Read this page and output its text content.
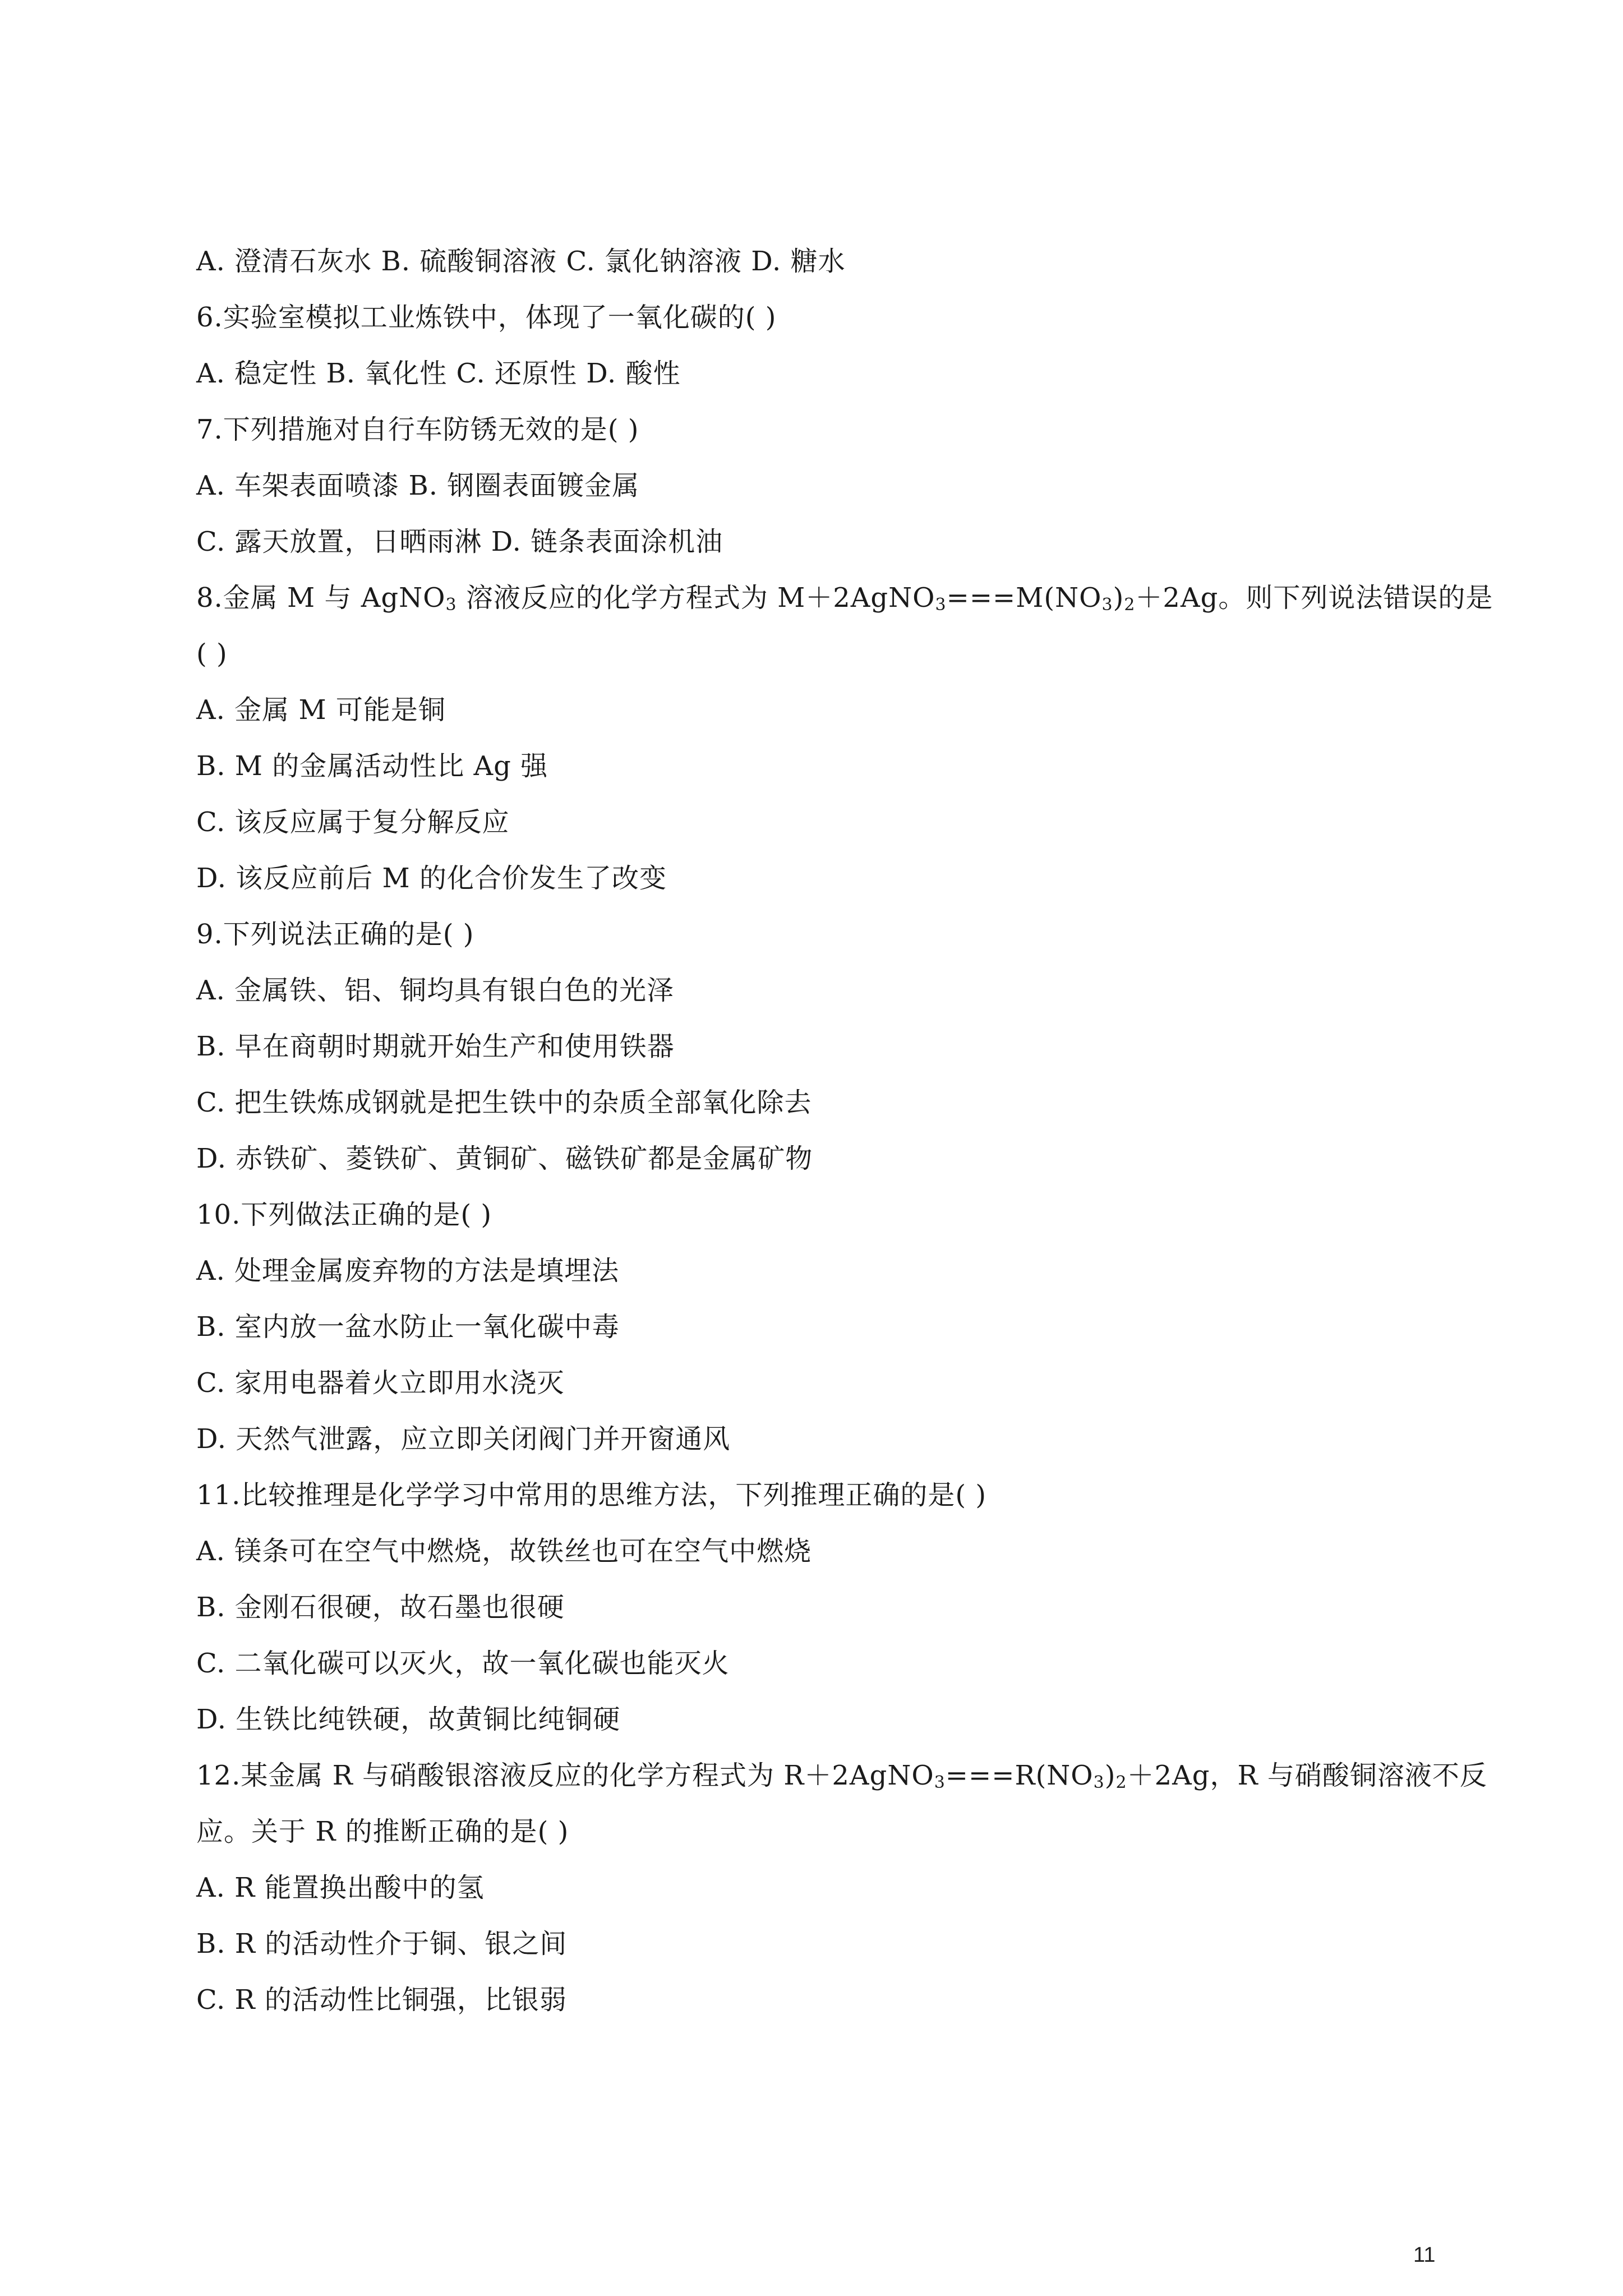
A. 澄清石灰水 B. 硫酸铜溶液 C. 氯化钠溶液 D. 糖水
6.实验室模拟工业炼铁中，体现了一氧化碳的( )
A. 稳定性 B. 氧化性 C. 还原性 D. 酸性
7.下列措施对自行车防锈无效的是( )
A. 车架表面喷漆 B. 钢圈表面镀金属
C. 露天放置，日晒雨淋 D. 链条表面涂机油
8.金属 M 与 AgNO$_3$ 溶液反应的化学方程式为 $M+2AgNO_3===M(NO_3)_2+2Ag$。则下列说法错误的是
( )
A. 金属 M 可能是铜
B. M 的金属活动性比 Ag 强
C. 该反应属于复分解反应
D. 该反应前后 M 的化合价发生了改变
9.下列说法正确的是( )
A. 金属铁、铝、铜均具有银白色的光泽
B. 早在商朝时期就开始生产和使用铁器
C. 把生铁炼成钢就是把生铁中的杂质全部氧化除去
D. 赤铁矿、菱铁矿、黄铜矿、磁铁矿都是金属矿物
10.下列做法正确的是( )
A. 处理金属废弃物的方法是填埋法
B. 室内放一盆水防止一氧化碳中毒
C. 家用电器着火立即用水浇灭
D. 天然气泄露，应立即关闭阀门并开窗通风
11.比较推理是化学学习中常用的思维方法，下列推理正确的是( )
A. 镁条可在空气中燃烧，故铁丝也可在空气中燃烧
B. 金刚石很硬，故石墨也很硬
C. 二氧化碳可以灭火，故一氧化碳也能灭火
D. 生铁比纯铁硬，故黄铜比纯铜硬
12.某金属 R 与硝酸银溶液反应的化学方程式为 $R+2AgNO_3===R(NO_3)_2+2Ag$，R 与硝酸铜溶液不反
应。关于 R 的推断正确的是( )
A. R 能置换出酸中的氢
B. R 的活动性介于铜、银之间
C. R 的活动性比铜强，比银弱
11
